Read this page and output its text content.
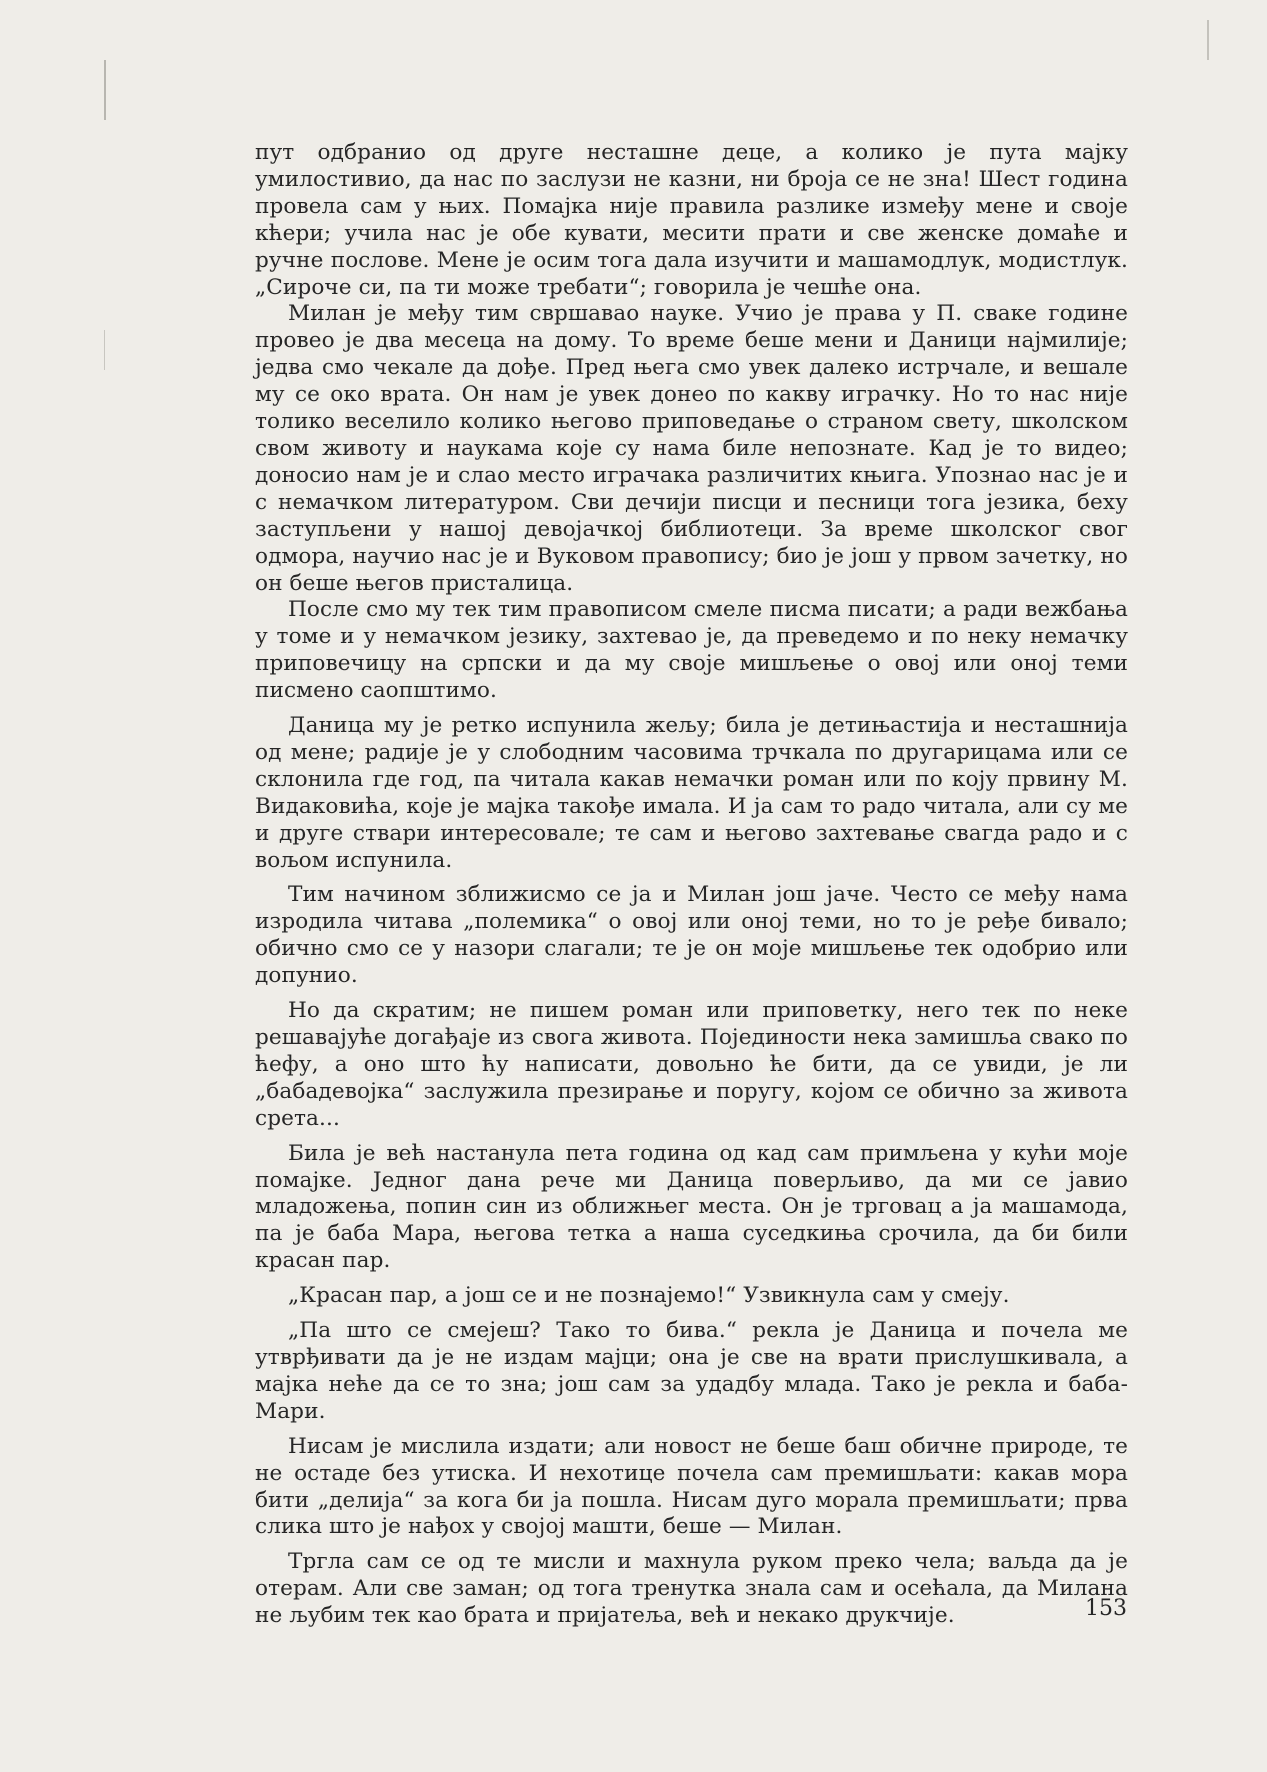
пут одбранио од друге несташне деце, а колико је пута мајку умилостивио, да нас по заслузи не казни, ни броја се не зна! Шест година провела сам у њих. Помајка није правила разлике између мене и своје кћери; учила нас је обе кувати, месити прати и све женске домаће и ручне послове. Мене је осим тога дала изучити и машамодлук, модистлук. „Сироче си, па ти може требати“; говорила је чешће она.

Милан је међу тим свршавао науке. Учио је права у П. сваке године провео је два месеца на дому. То време беше мени и Даници најмилије; једва смо чекале да дође. Пред њега смо увек далеко истрчале, и вешале му се око врата. Он нам је увек донео по какву играчку. Но то нас није толико веселило колико његово приповедање о страном свету, школском свом животу и наукама које су нама биле непознате. Кад је то видео; доносио нам је и слао место играчака различитих књига. Упознао нас је и с немачком литературом. Сви дечији писци и песници тога језика, беху заступљени у нашој девојачкој библиотеци. За време школског свог одмора, научио нас је и Вуковом правопису; био је још у првом зачетку, но он беше његов присталица.

После смо му тек тим правописом смеле писма писати; а ради вежбања у томе и у немачком језику, захтевао је, да преведемо и по неку немачку приповечицу на српски и да му своје мишљење о овој или оној теми писмено саопштимо.

Даница му је ретко испунила жељу; била је детињастија и несташнија од мене; радије је у слободним часовима трчкала по другарицама или се склонила где год, па читала какав немачки роман или по коју првину М. Видаковића, које је мајка такође имала. И ја сам то радо читала, али су ме и друге ствари интересовале; те сам и његово захтевање свагда радо и с вољом испунила.

Тим начином зближисмо се ја и Милан још јаче. Често се међу нама изродила читава „полемика“ о овој или оној теми, но то је ређе бивало; обично смо се у назори слагали; те је он моје мишљење тек одобрио или допунио.

Но да скратим; не пишем роман или приповетку, него тек по неке решавајуће догађаје из свога живота. Појединости нека замишља свако по ћефу, а оно што ћу написати, довољно ће бити, да се увиди, је ли „бабадевојка“ заслужила презирање и поругу, којом се обично за живота срета...

Била је већ настанула пета година од кад сам примљена у кући моје помајке. Једног дана рече ми Даница поверљиво, да ми се јавио младожења, попин син из оближњег места. Он је трговац а ја машамода, па је баба Мара, његова тетка а наша суседкиња срочила, да би били красан пар.

„Красан пар, а још се и не познајемо!“ Узвикнула сам у смеју.

„Па што се смејеш? Тако то бива.“ рекла је Даница и почела ме утврђивати да је не издам мајци; она је све на врати прислушкивала, а мајка неће да се то зна; још сам за удадбу млада. Тако је рекла и баба-Мари.

Нисам је мислила издати; али новост не беше баш обичне природе, те не остаде без утиска. И нехотице почела сам премишљати: какав мора бити „делија“ за кога би ја пошла. Нисам дуго морала премишљати; прва слика што је нађох у својој машти, беше — Милан.

Тргла сам се од те мисли и махнула руком преко чела; ваљда да је отерам. Али све заман; од тога тренутка знала сам и осећала, да Милана не љубим тек као брата и пријатеља, већ и некако друкчије.	153
